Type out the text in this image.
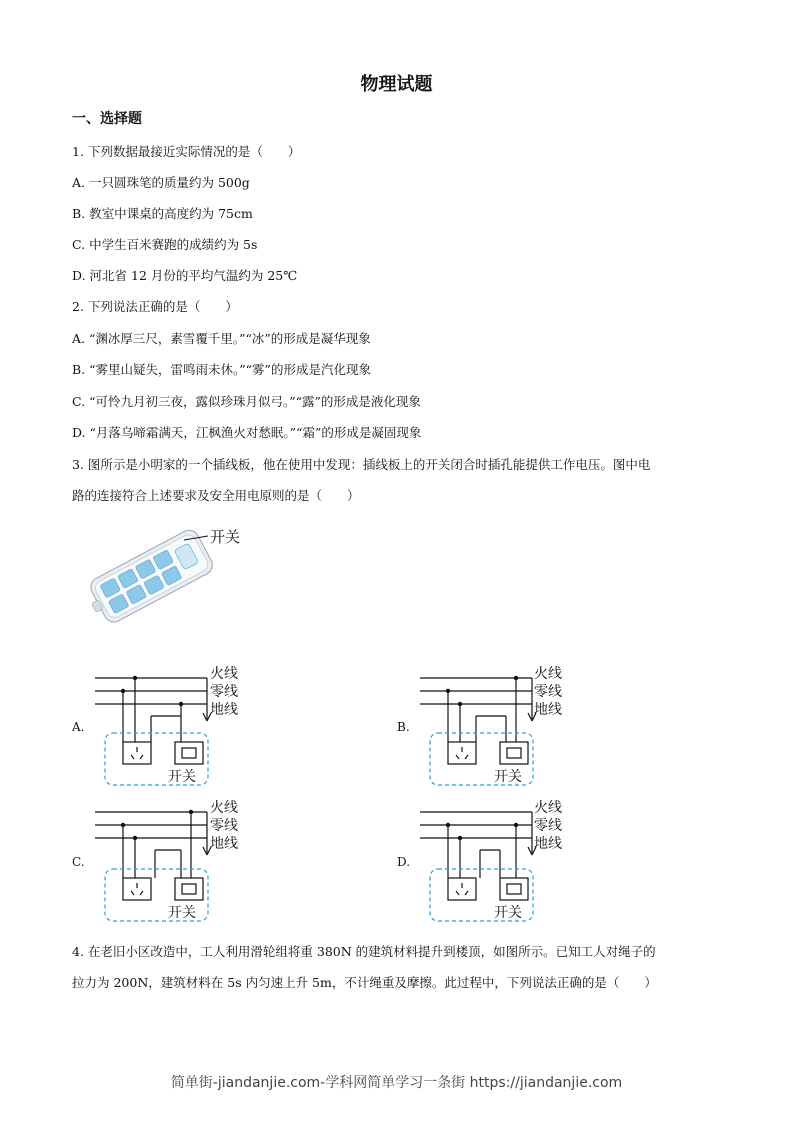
物理试题
一、选择题
1. 下列数据最接近实际情况的是（　　）
A. 一只圆珠笔的质量约为 500g
B. 教室中课桌的高度约为 75cm
C. 中学生百米赛跑的成绩约为 5s
D. 河北省 12 月份的平均气温约为 25℃
2. 下列说法正确的是（　　）
A. “渊冰厚三尺，素雪覆千里。”“冰”的形成是凝华现象
B. “雾里山疑失，雷鸣雨未休。”“雾”的形成是汽化现象
C. “可怜九月初三夜，露似珍珠月似弓。”“露”的形成是液化现象
D. “月落乌啼霜满天，江枫渔火对愁眠。”“霜”的形成是凝固现象
3. 图所示是小明家的一个插线板，他在使用中发现：插线板上的开关闭合时插孔能提供工作电压。图中电
路的连接符合上述要求及安全用电原则的是（　　）
开关
A.	B.
C.	D.
火线
零线
地线
开关
火线
零线
地线
开关
火线
零线
地线
开关
火线
零线
地线
开关
4. 在老旧小区改造中，工人利用滑轮组将重 380N 的建筑材料提升到楼顶，如图所示。已知工人对绳子的
拉力为 200N，建筑材料在 5s 内匀速上升 5m，不计绳重及摩擦。此过程中，下列说法正确的是（　　）
简单街-jiandanjie.com-学科网简单学习一条街 https://jiandanjie.com
